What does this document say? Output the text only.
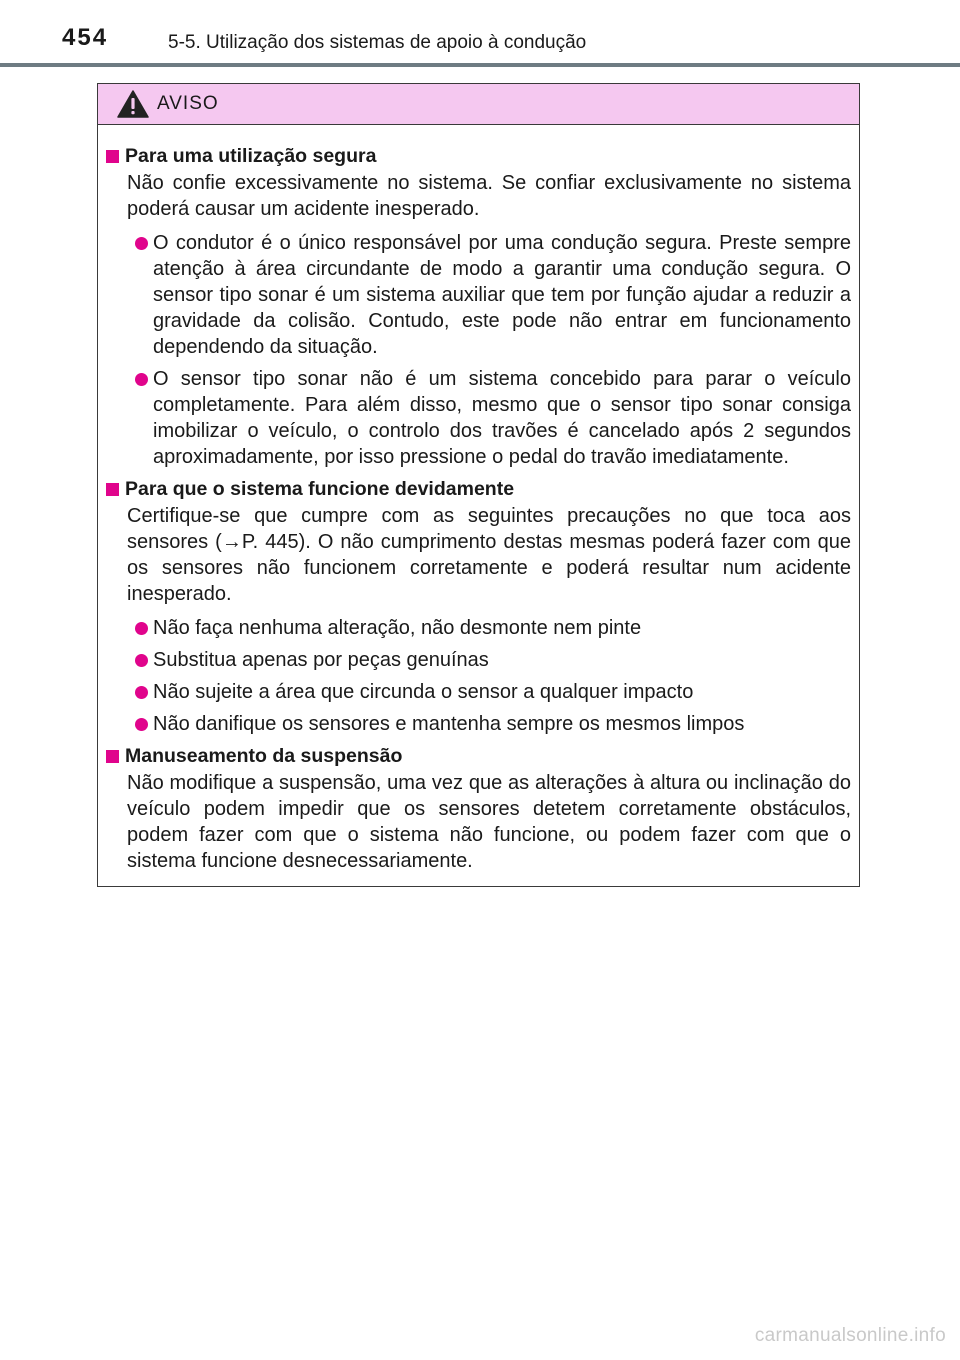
454	5-5. Utilização dos sistemas de apoio à condução
AVISO
Para uma utilização segura
Não confie excessivamente no sistema. Se confiar exclusivamente no sistema poderá causar um acidente inesperado.
O condutor é o único responsável por uma condução segura. Preste sempre atenção à área circundante de modo a garantir uma condução segura. O sensor tipo sonar é um sistema auxiliar que tem por função ajudar a reduzir a gravidade da colisão. Contudo, este pode não entrar em funcionamento dependendo da situação.
O sensor tipo sonar não é um sistema concebido para parar o veículo completamente. Para além disso, mesmo que o sensor tipo sonar consiga imobilizar o veículo, o controlo dos travões é cancelado após 2 segundos aproximadamente, por isso pressione o pedal do travão imediatamente.
Para que o sistema funcione devidamente
Certifique-se que cumpre com as seguintes precauções no que toca aos sensores (→P. 445). O não cumprimento destas mesmas poderá fazer com que os sensores não funcionem corretamente e poderá resultar num acidente inesperado.
Não faça nenhuma alteração, não desmonte nem pinte
Substitua apenas por peças genuínas
Não sujeite a área que circunda o sensor a qualquer impacto
Não danifique os sensores e mantenha sempre os mesmos limpos
Manuseamento da suspensão
Não modifique a suspensão, uma vez que as alterações à altura ou inclinação do veículo podem impedir que os sensores detetem corretamente obstáculos, podem fazer com que o sistema não funcione, ou podem fazer com que o sistema funcione desnecessariamente.
carmanualsonline.info
